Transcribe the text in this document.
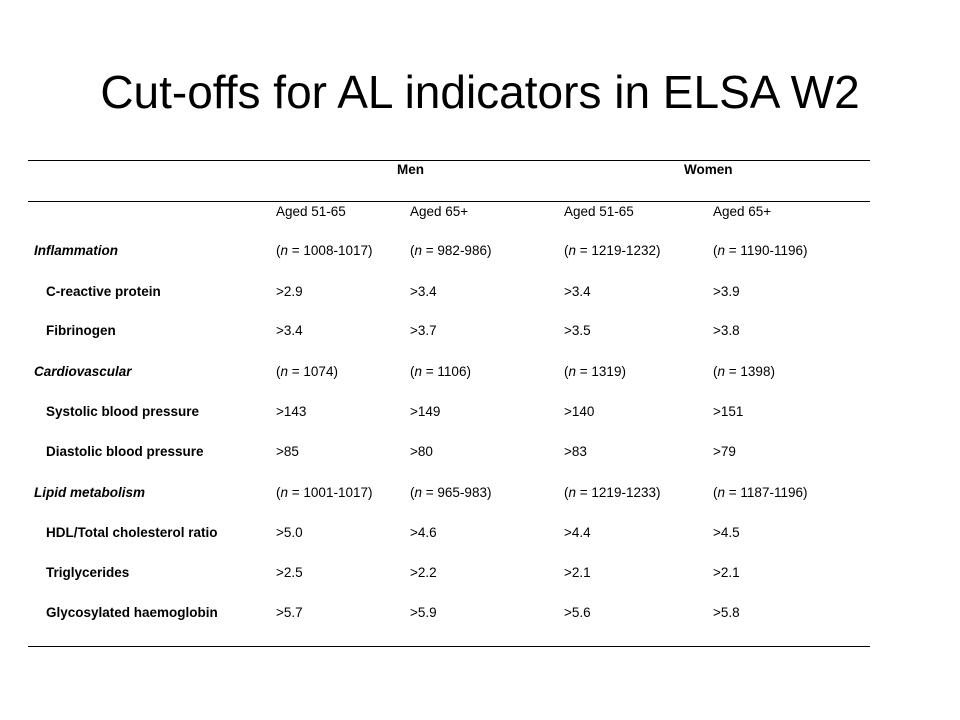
Cut-offs for AL indicators in ELSA W2
Men	Women
Aged 51-65	Aged 65+	Aged 51-65	Aged 65+
Inflammation	(n = 1008-1017)	(n = 982-986)	(n = 1219-1232)	(n = 1190-1196)
C-reactive protein	>2.9	>3.4	>3.4	>3.9
Fibrinogen	>3.4	>3.7	>3.5	>3.8
Cardiovascular	(n = 1074)	(n = 1106)	(n = 1319)	(n = 1398)
Systolic blood pressure	>143	>149	>140	>151
Diastolic blood pressure	>85	>80	>83	>79
Lipid metabolism	(n = 1001-1017)	(n = 965-983)	(n = 1219-1233)	(n = 1187-1196)
HDL/Total cholesterol ratio	>5.0	>4.6	>4.4	>4.5
Triglycerides	>2.5	>2.2	>2.1	>2.1
Glycosylated haemoglobin	>5.7	>5.9	>5.6	>5.8
